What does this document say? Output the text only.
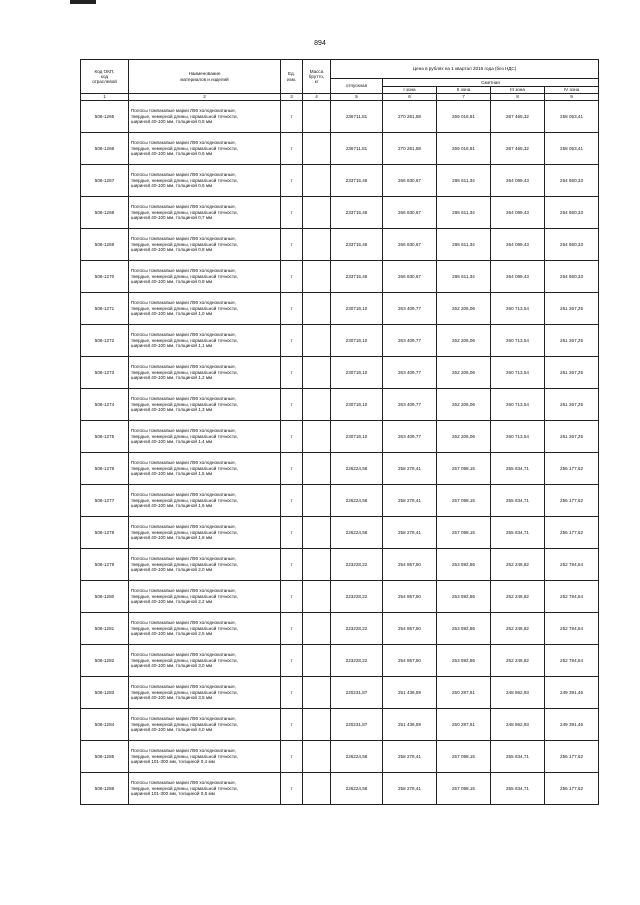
894
Код ОКП,
код
отраслевой	Наименование
материалов и изделий	Ед.
изм.	Масса
брутто,
кг	Цена в рублях на 1 квартал 2016 года (без НДС)				
				отпускная	Сметная			
					I зона	II зона	III зона	IV зона
1	2	3	4	5	6	7	8	9
506-1265	Полосы томпаковые марки Л90 холоднокатаные,
твердые, немерной длины, нормальной точности,
шириной 40-100 мм, толщиной 0,5 мм	т		236711,81	270 251,58	269 016,81	267 465,32	258 053,41
506-1266	Полосы томпаковые марки Л90 холоднокатаные,
твердые, немерной длины, нормальной точности,
шириной 40-100 мм, толщиной 0,6 мм	т		236711,81	270 251,58	269 016,81	267 465,32	258 053,41
506-1267	Полосы томпаковые марки Л90 холоднокатаные,
твердые, немерной длины, нормальной точности,
шириной 40-100 мм, толщиной 0,6 мм	т		233715,46	266 830,67	265 611,34	264 099,43	264 660,33
506-1268	Полосы томпаковые марки Л90 холоднокатаные,
твердые, немерной длины, нормальной точности,
шириной 40-100 мм, толщиной 0,7 мм	т		233715,46	266 830,67	265 611,34	264 099,43	264 660,33
506-1269	Полосы томпаковые марки Л90 холоднокатаные,
твердые, немерной длины, нормальной точности,
шириной 40-100 мм, толщиной 0,8 мм	т		233715,46	266 830,67	265 611,34	264 099,43	264 660,33
506-1270	Полосы томпаковые марки Л90 холоднокатаные,
твердые, немерной длины, нормальной точности,
шириной 40-100 мм, толщиной 0,9 мм	т		233715,46	266 830,67	265 611,34	264 099,43	264 660,33
506-1271	Полосы томпаковые марки Л90 холоднокатаные,
твердые, немерной длины, нормальной точности,
шириной 40-100 мм, толщиной 1,0 мм	т		230719,10	263 409,77	262 206,06	260 713,54	261 267,25
506-1272	Полосы томпаковые марки Л90 холоднокатаные,
твердые, немерной длины, нормальной точности,
шириной 40-100 мм, толщиной 1,1 мм	т		230719,10	263 409,77	262 206,06	260 713,54	261 267,25
506-1273	Полосы томпаковые марки Л90 холоднокатаные,
твердые, немерной длины, нормальной точности,
шириной 40-100 мм, толщиной 1,2 мм	т		230719,10	263 409,77	262 206,06	260 713,54	261 267,25
506-1274	Полосы томпаковые марки Л90 холоднокатаные,
твердые, немерной длины, нормальной точности,
шириной 40-100 мм, толщиной 1,3 мм	т		230719,10	263 409,77	262 206,06	260 713,54	261 267,25
506-1275	Полосы томпаковые марки Л90 холоднокатаные,
твердые, немерной длины, нормальной точности,
шириной 40-100 мм, толщиной 1,4 мм	т		230719,10	263 409,77	262 206,06	260 713,54	261 267,25
506-1276	Полосы томпаковые марки Л90 холоднокатаные,
твердые, немерной длины, нормальной точности,
шириной 40-100 мм, толщиной 1,5 мм	т		226224,58	258 278,41	257 098,15	255 634,71	256 177,62
506-1277	Полосы томпаковые марки Л90 холоднокатаные,
твердые, немерной длины, нормальной точности,
шириной 40-100 мм, толщиной 1,6 мм	т		226224,58	258 278,41	257 098,15	255 634,71	256 177,62
506-1278	Полосы томпаковые марки Л90 холоднокатаные,
твердые, немерной длины, нормальной точности,
шириной 40-100 мм, толщиной 1,8 мм	т		226224,58	258 278,41	257 098,15	255 634,71	256 177,62
506-1279	Полосы томпаковые марки Л90 холоднокатаные,
твердые, немерной длины, нормальной точности,
шириной 40-100 мм, толщиной 2,0 мм	т		223228,22	254 857,50	253 692,86	252 248,82	252 784,54
506-1280	Полосы томпаковые марки Л90 холоднокатаные,
твердые, немерной длины, нормальной точности,
шириной 40-100 мм, толщиной 2,2 мм	т		223228,22	254 857,50	253 692,86	252 248,82	252 784,54
506-1281	Полосы томпаковые марки Л90 холоднокатаные,
твердые, немерной длины, нормальной точности,
шириной 40-100 мм, толщиной 2,5 мм	т		223228,22	254 857,50	253 692,86	252 248,82	252 784,54
506-1282	Полосы томпаковые марки Л90 холоднокатаные,
твердые, немерной длины, нормальной точности,
шириной 40-100 мм, толщиной 3,0 мм	т		223228,22	254 857,50	253 692,86	252 248,82	252 784,54
506-1283	Полосы томпаковые марки Л90 холоднокатаные,
твердые, немерной длины, нормальной точности,
шириной 40-100 мм, толщиной 3,5 мм	т		220231,87	251 436,59	250 287,61	248 862,93	249 391,46
506-1284	Полосы томпаковые марки Л90 холоднокатаные,
твердые, немерной длины, нормальной точности,
шириной 40-100 мм, толщиной 4,0 мм	т		220231,87	251 436,59	250 287,61	248 862,93	249 391,46
506-1285	Полосы томпаковые марки Л90 холоднокатаные,
твердые, немерной длины, нормальной точности,
шириной 101-300 мм, толщиной 0,4 мм	т		226224,58	258 278,41	257 098,15	255 634,71	256 177,62
506-1286	Полосы томпаковые марки Л90 холоднокатаные,
твердые, немерной длины, нормальной точности,
шириной 101-300 мм, толщиной 0,5 мм	т		226224,58	258 278,41	257 098,15	255 634,71	256 177,62
